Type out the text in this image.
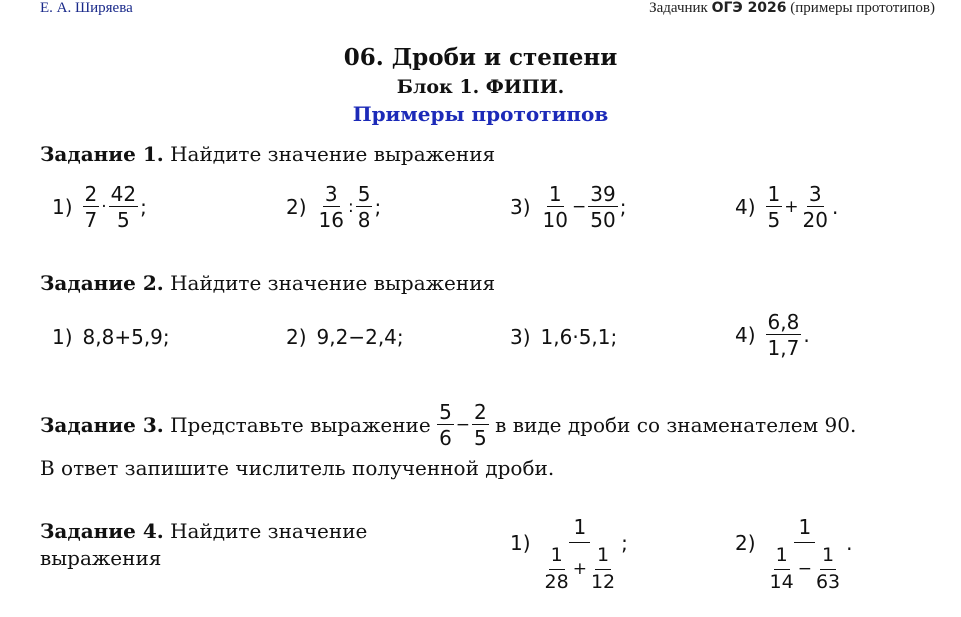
Е. А. Ширяева	Задачник ОГЭ 2026 (примеры прототипов)
06. Дроби и степени
Блок 1. ФИПИ.
Примеры прототипов
Задание 1. Найдите значение выражения
$1) \frac{2}{7} \cdot \frac{42}{5}$ ;	$2) \frac{3}{16}$ : $\frac{5}{8}$ ;	$3) \frac{1}{10} - \frac{39}{50}$ ;	$4) \frac{1}{5} + \frac{3}{20}$ .
Задание 2. Найдите значение выражения
1) 8,8+5,9;	2) 9,2−2,4;	3) 1,6·5,1;	$4) \frac{6,8}{1,7}$ .
Задание 3. Представьте выражение $\frac{5}{6} - \frac{2}{5}$ в виде дроби со знаменателем 90.
В ответ запишите числитель полученной дроби.
Задание 4. Найдите значение
выражения
$1) \frac{1}{\frac{1}{28} + \frac{1}{12}}$ ;	$2) \frac{1}{\frac{1}{14} - \frac{1}{63}}$ .
